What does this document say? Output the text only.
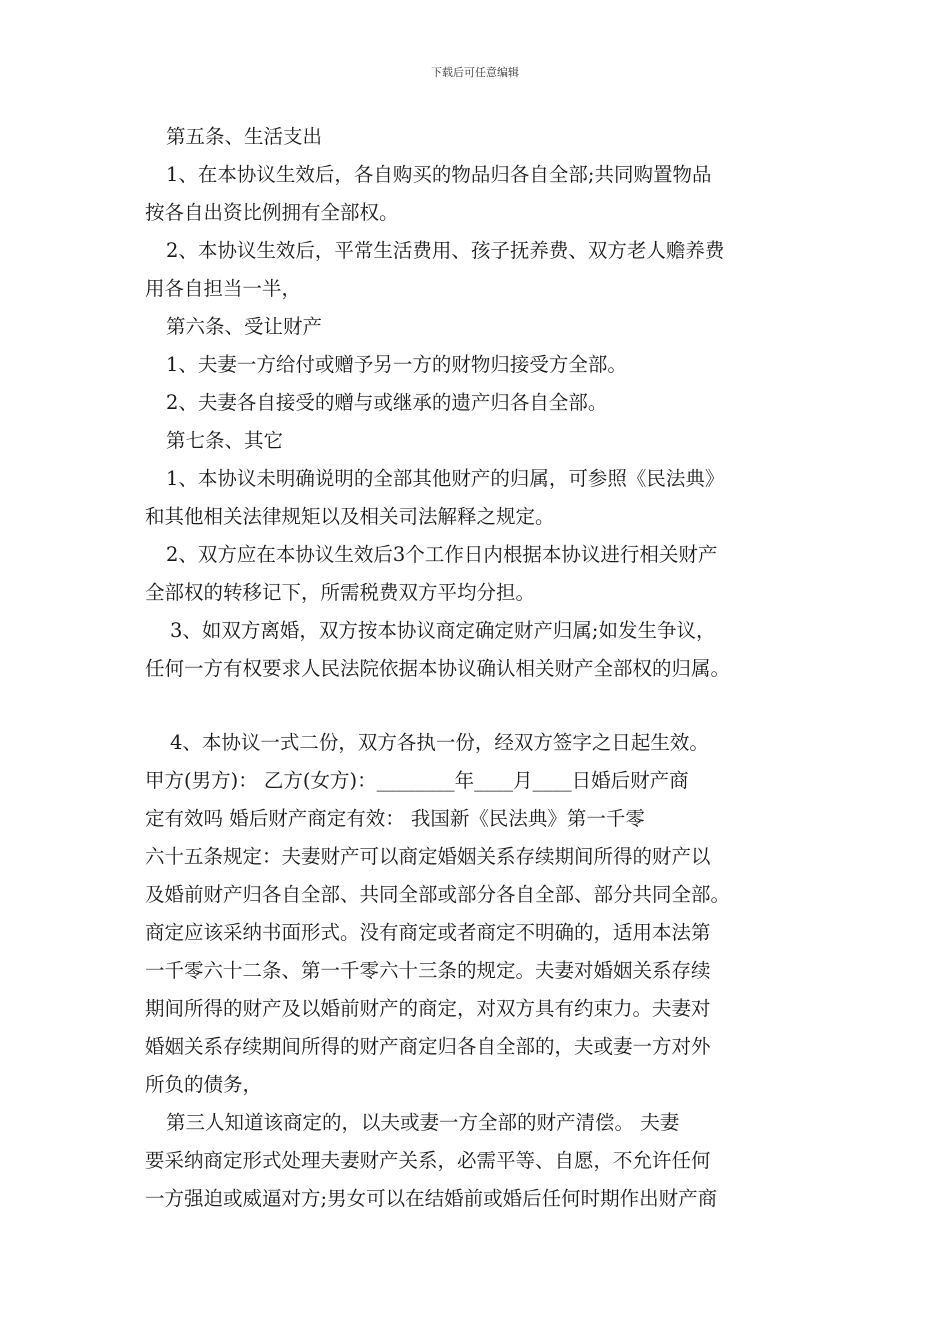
下载后可任意编辑
第五条、生活支出
1、在本协议生效后，各自购买的物品归各自全部;共同购置物品
按各自出资比例拥有全部权。
2、本协议生效后，平常生活费用、孩子抚养费、双方老人赡养费
用各自担当一半，
第六条、受让财产
1、夫妻一方给付或赠予另一方的财物归接受方全部。
2、夫妻各自接受的赠与或继承的遗产归各自全部。
第七条、其它
1、本协议未明确说明的全部其他财产的归属，可参照《民法典》
和其他相关法律规矩以及相关司法解释之规定。
2、双方应在本协议生效后3个工作日内根据本协议进行相关财产
全部权的转移记下，所需税费双方平均分担。
3、如双方离婚，双方按本协议商定确定财产归属;如发生争议，
任何一方有权要求人民法院依据本协议确认相关财产全部权的归属。
4、本协议一式二份，双方各执一份，经双方签字之日起生效。
甲方(男方)： 乙方(女方)：________年____月____日婚后财产商
定有效吗 婚后财产商定有效： 我国新《民法典》第一千零
六十五条规定：夫妻财产可以商定婚姻关系存续期间所得的财产以
及婚前财产归各自全部、共同全部或部分各自全部、部分共同全部。
商定应该采纳书面形式。没有商定或者商定不明确的，适用本法第
一千零六十二条、第一千零六十三条的规定。夫妻对婚姻关系存续
期间所得的财产及以婚前财产的商定，对双方具有约束力。夫妻对
婚姻关系存续期间所得的财产商定归各自全部的，夫或妻一方对外
所负的债务，
第三人知道该商定的，以夫或妻一方全部的财产清偿。 夫妻
要采纳商定形式处理夫妻财产关系，必需平等、自愿，不允许任何
一方强迫或威逼对方;男女可以在结婚前或婚后任何时期作出财产商
